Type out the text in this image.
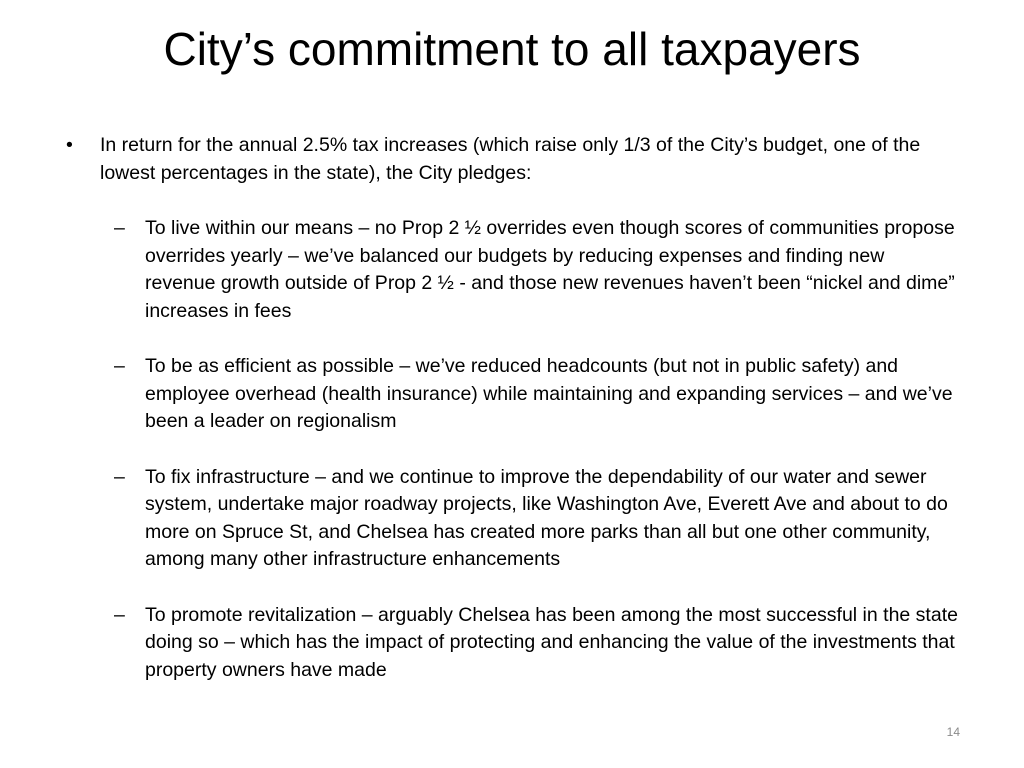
City’s commitment to all taxpayers
•	In return for the annual 2.5% tax increases (which raise only 1/3 of the City’s budget, one of the lowest percentages in the state), the City pledges:
–	To live within our means – no Prop 2 ½ overrides even though scores of communities propose overrides yearly – we’ve balanced our budgets by reducing expenses and finding new revenue growth outside of Prop 2 ½ - and those new revenues haven’t been “nickel and dime” increases in fees
–	To be as efficient as possible – we’ve reduced headcounts (but not in public safety) and employee overhead (health insurance) while maintaining and expanding services – and we’ve been a leader on regionalism
–	To fix infrastructure – and we continue to improve the dependability of our water and sewer system, undertake major roadway projects, like Washington Ave, Everett Ave and about to do more on Spruce St, and Chelsea has created more parks than all but one other community, among many other infrastructure enhancements
–	To promote revitalization – arguably Chelsea has been among the most successful in the state doing so – which has the impact of protecting and enhancing the value of the investments that property owners have made
14
